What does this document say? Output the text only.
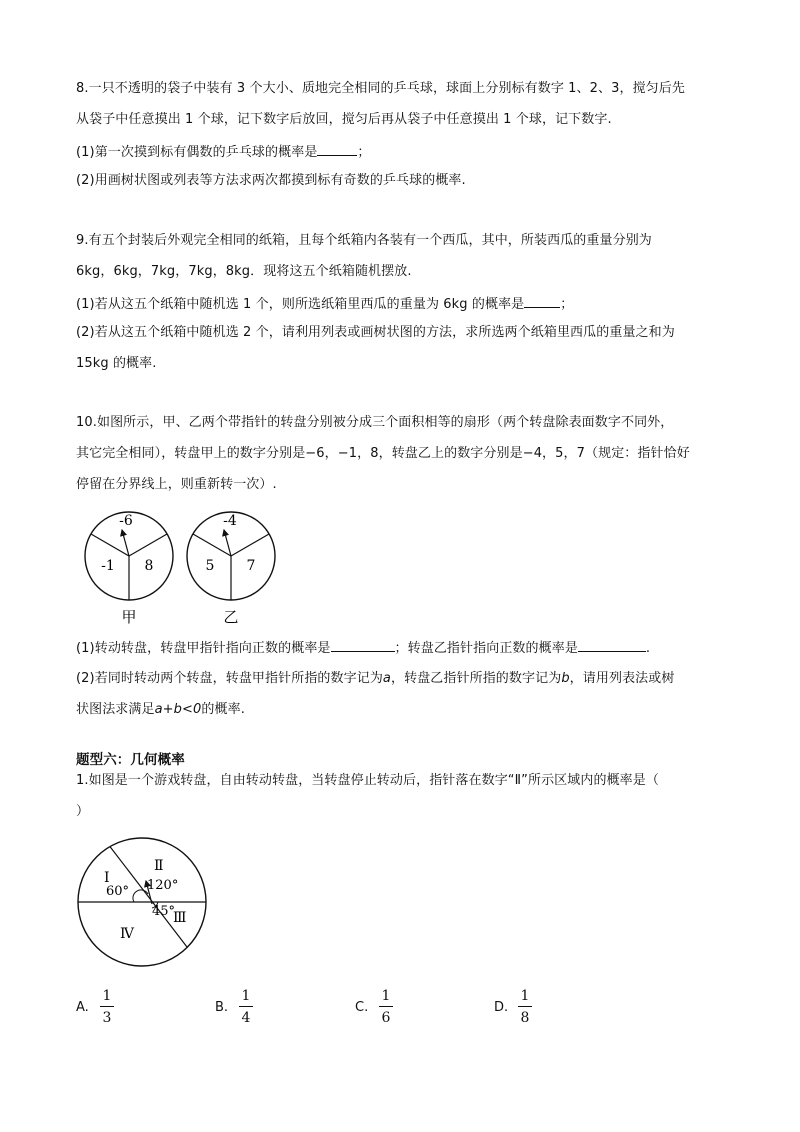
8.一只不透明的袋子中装有 3 个大小、质地完全相同的乒乓球，球面上分别标有数字 1、2、3，搅匀后先
从袋子中任意摸出 1 个球，记下数字后放回，搅匀后再从袋子中任意摸出 1 个球，记下数字.
(1)第一次摸到标有偶数的乒乓球的概率是	；
(2)用画树状图或列表等方法求两次都摸到标有奇数的乒乓球的概率.
9.有五个封装后外观完全相同的纸箱，且每个纸箱内各装有一个西瓜，其中，所装西瓜的重量分别为
6kg，6kg，7kg，7kg，8kg．现将这五个纸箱随机摆放.
(1)若从这五个纸箱中随机选 1 个，则所选纸箱里西瓜的重量为 6kg 的概率是	；
(2)若从这五个纸箱中随机选 2 个，请利用列表或画树状图的方法，求所选两个纸箱里西瓜的重量之和为
15kg 的概率.
10.如图所示，甲、乙两个带指针的转盘分别被分成三个面积相等的扇形（两个转盘除表面数字不同外，
其它完全相同），转盘甲上的数字分别是−6，−1，8，转盘乙上的数字分别是−4，5，7（规定：指针恰好
停留在分界线上，则重新转一次）.
-6
-1 8
甲
-4
5 7
乙
(1)转动转盘，转盘甲指针指向正数的概率是	；转盘乙指针指向正数的概率是	.
(2)若同时转动两个转盘，转盘甲指针所指的数字记为a，转盘乙指针所指的数字记为b，请用列表法或树
状图法求满足a+b<0的概率.
题型六：几何概率
1.如图是一个游戏转盘，自由转动转盘，当转盘停止转动后，指针落在数字“Ⅱ”所示区域内的概率是（
）
Ⅰ
Ⅱ
Ⅲ
Ⅳ
60° 120°
45°
A.
1
3
B.
1
4
C.
1
6
D.
1
8
